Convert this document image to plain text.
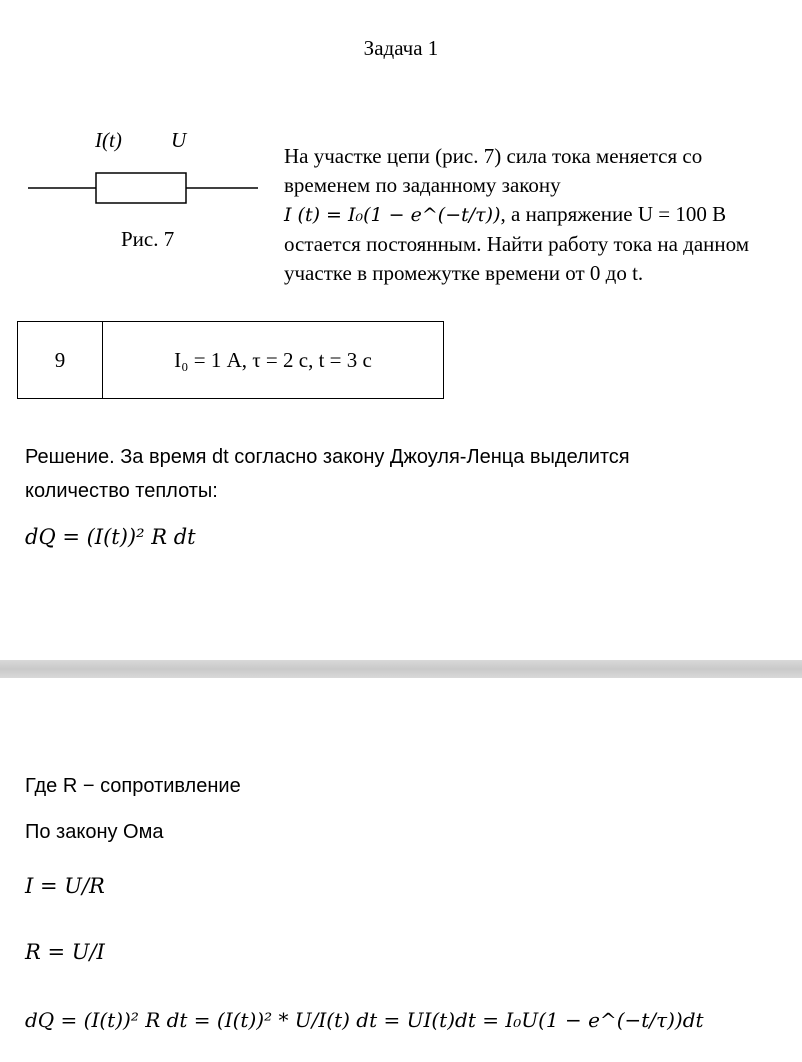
Задача 1
I(t) U
Рис. 7
На участке цепи (рис. 7) сила тока меняется со
временем по заданному закону
I (t) = I₀(1 − e^(−t/τ)), а напряжение U = 100 В
остается постоянным. Найти работу тока на данном
участке в промежутке времени от 0 до t.
9	I₀ = 1 А, τ = 2 с, t = 3 с
Решение. За время dt согласно закону Джоуля-Ленца выделится
количество теплоты:
dQ = (I(t))² R dt
Где R − сопротивление
По закону Ома
I = U/R
R = U/I
dQ = (I(t))² R dt = (I(t))² * U/I(t) dt = UI(t)dt = I₀U(1 − e^(−t/τ))dt
